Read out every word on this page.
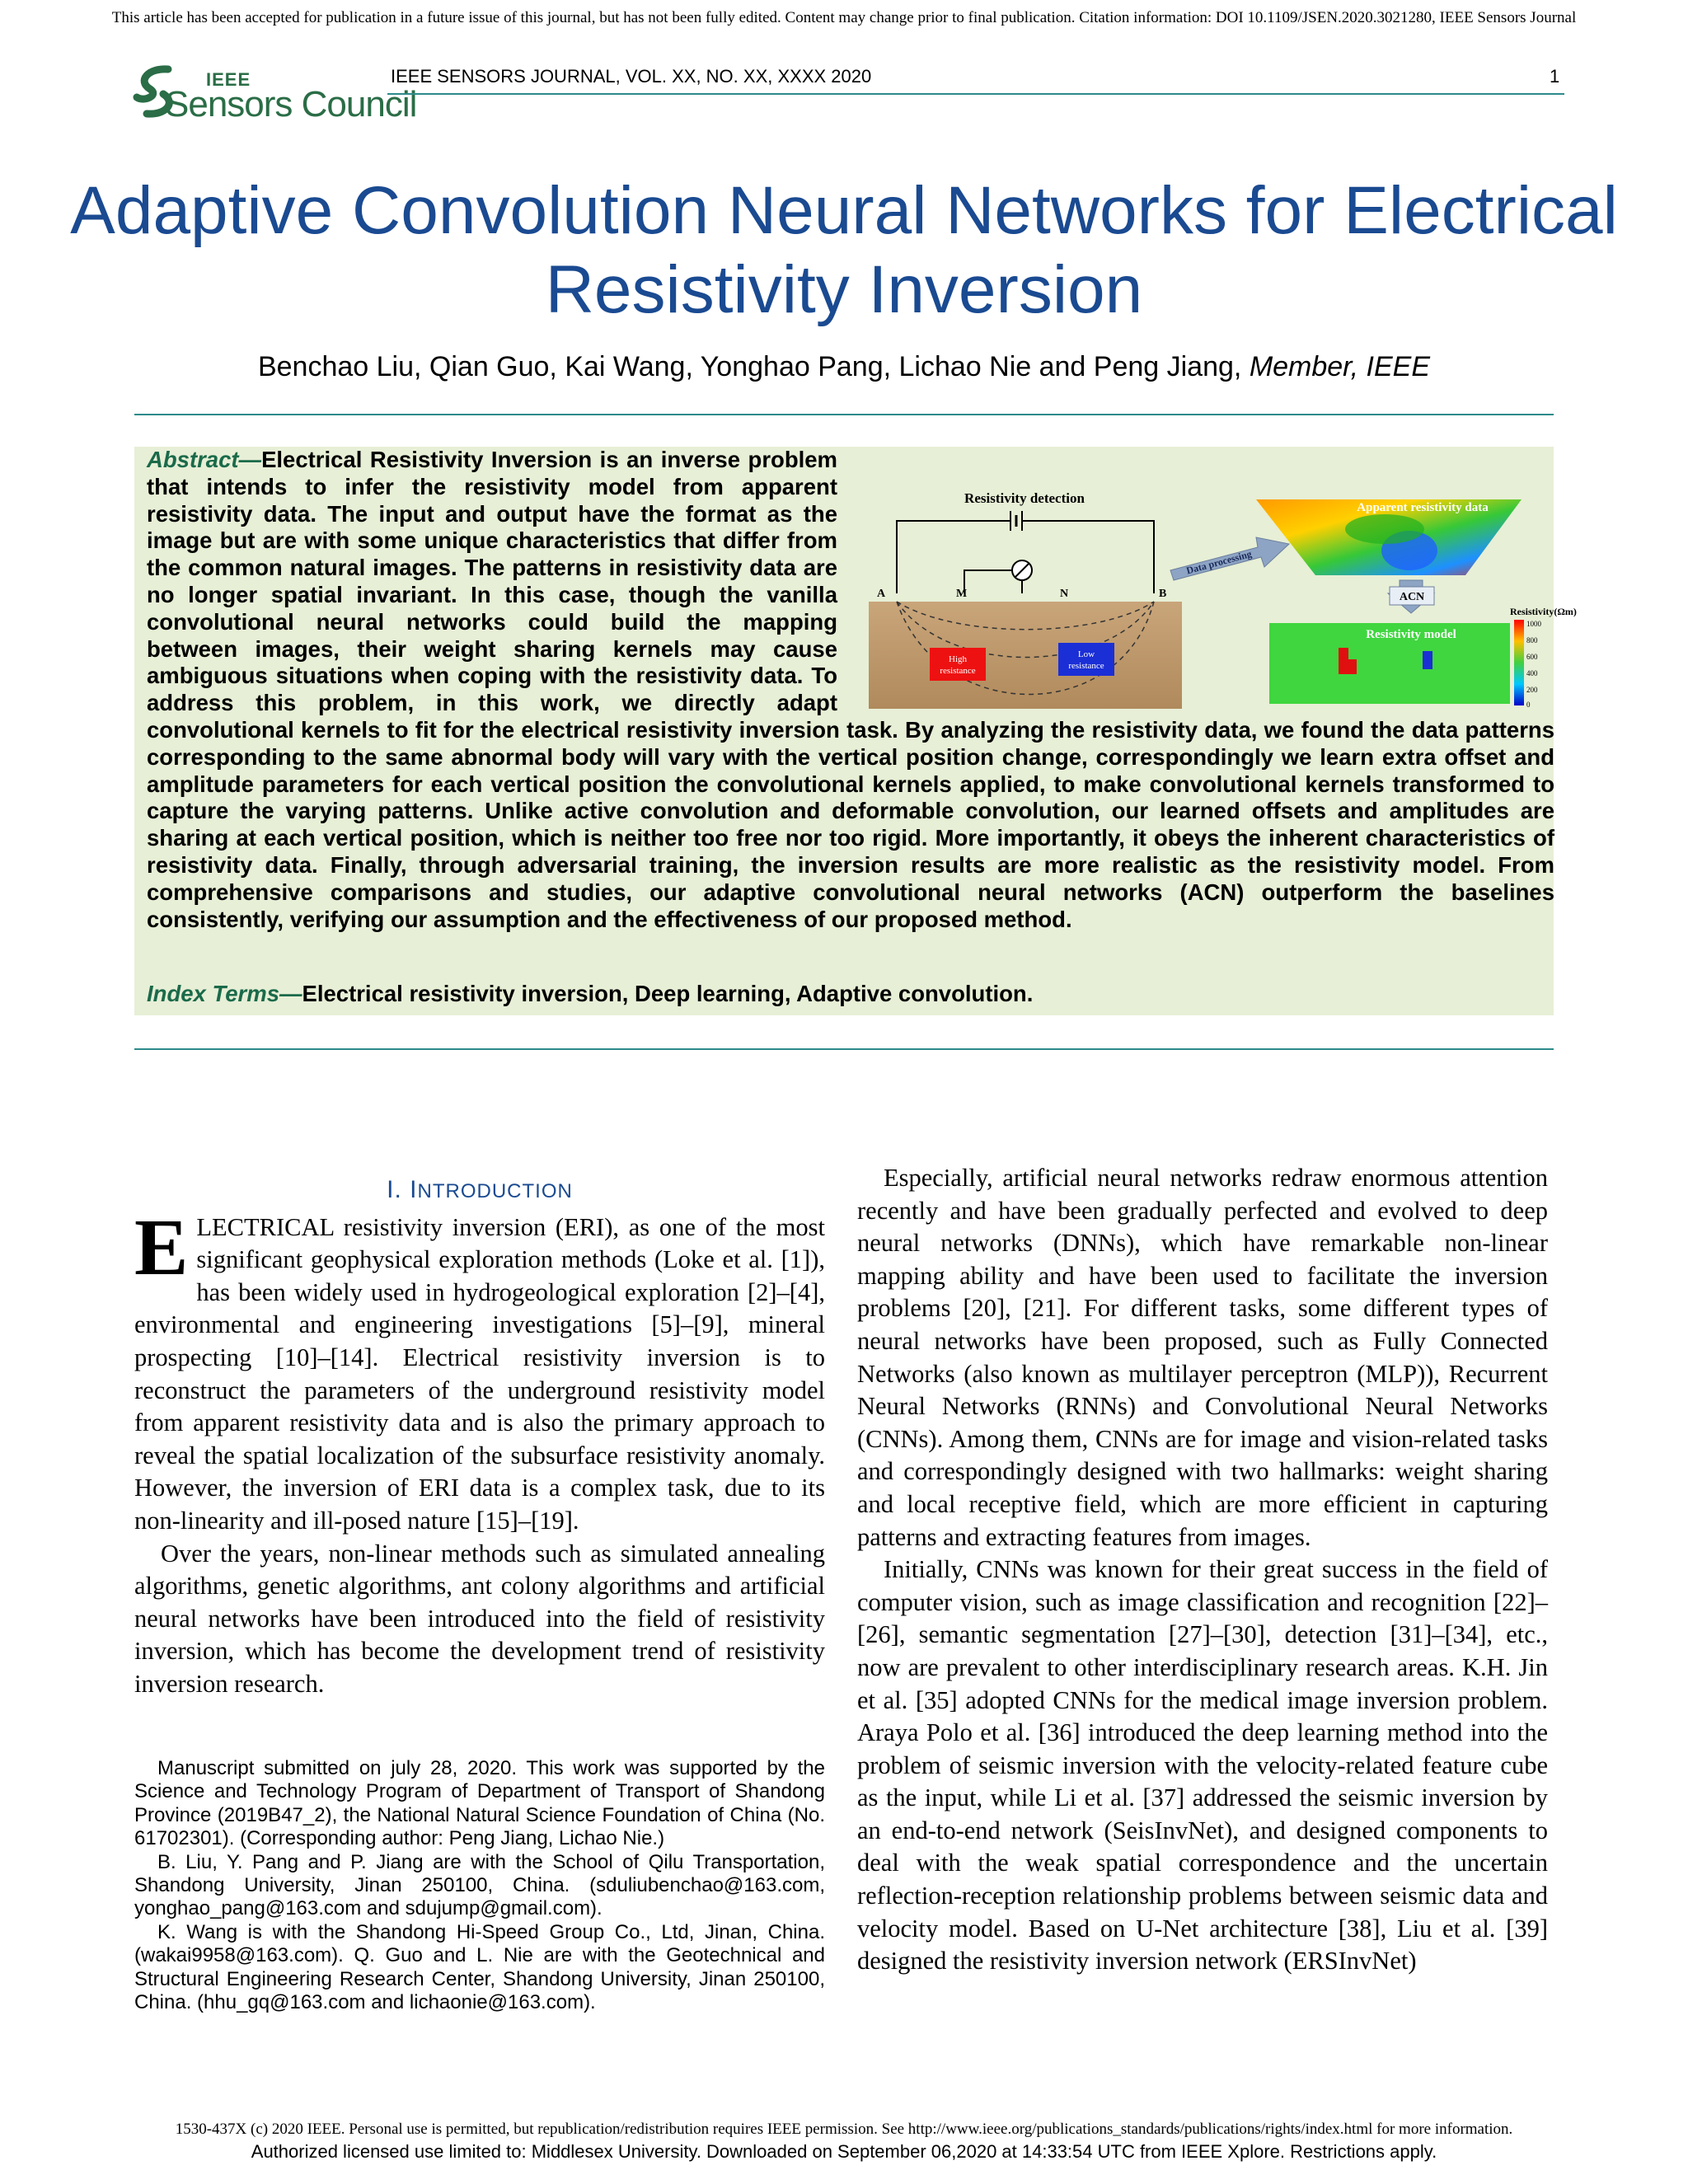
This article has been accepted for publication in a future issue of this journal, but has not been fully edited. Content may change prior to final publication. Citation information: DOI 10.1109/JSEN.2020.3021280, IEEE Sensors Journal
IEEE
Sensors Council
IEEE SENSORS JOURNAL, VOL. XX, NO. XX, XXXX 2020	1
Adaptive Convolution Neural Networks for Electrical Resistivity Inversion
Benchao Liu, Qian Guo, Kai Wang, Yonghao Pang, Lichao Nie and Peng Jiang, Member, IEEE
Resistivity detection
A	M	N	B
High
resistance
Low
resistance
Data processing
Apparent resistivity data
ACN
Resistivity model
Resistivity(Ωm)
1000
800
600
400
200
0
Abstract—Electrical Resistivity Inversion is an inverse problem that intends to infer the resistivity model from apparent resistivity data. The input and output have the format as the image but are with some unique characteristics that differ from the common natural images. The patterns in resistivity data are no longer spatial invariant. In this case, though the vanilla convolutional neural networks could build the mapping between images, their weight sharing kernels may cause ambiguous situations when coping with the resistivity data. To address this problem, in this work, we directly adapt convolutional kernels to fit for the electrical resistivity inversion task. By analyzing the resistivity data, we found the data patterns corresponding to the same abnormal body will vary with the vertical position change, correspondingly we learn extra offset and amplitude parameters for each vertical position the convolutional kernels applied, to make convolutional kernels transformed to capture the varying patterns. Unlike active convolution and deformable convolution, our learned offsets and amplitudes are sharing at each vertical position, which is neither too free nor too rigid. More importantly, it obeys the inherent characteristics of resistivity data. Finally, through adversarial training, the inversion results are more realistic as the resistivity model. From comprehensive comparisons and studies, our adaptive convolutional neural networks (ACN) outperform the baselines consistently, verifying our assumption and the effectiveness of our proposed method.
Index Terms—Electrical resistivity inversion, Deep learning, Adaptive convolution.
I. INTRODUCTION

ELECTRICAL resistivity inversion (ERI), as one of the most significant geophysical exploration methods (Loke et al. [1]), has been widely used in hydrogeological exploration [2]–[4], environmental and engineering investigations [5]–[9], mineral prospecting [10]–[14]. Electrical resistivity inversion is to reconstruct the parameters of the underground resistivity model from apparent resistivity data and is also the primary approach to reveal the spatial localization of the subsurface resistivity anomaly. However, the inversion of ERI data is a complex task, due to its non-linearity and ill-posed nature [15]–[19].

Over the years, non-linear methods such as simulated annealing algorithms, genetic algorithms, ant colony algorithms and artificial neural networks have been introduced into the field of resistivity inversion, which has become the development trend of resistivity inversion research.

Manuscript submitted on july 28, 2020. This work was supported by the Science and Technology Program of Department of Transport of Shandong Province (2019B47_2), the National Natural Science Foundation of China (No. 61702301). (Corresponding author: Peng Jiang, Lichao Nie.)

B. Liu, Y. Pang and P. Jiang are with the School of Qilu Transportation, Shandong University, Jinan 250100, China. (sduliubenchao@163.com, yonghao_pang@163.com and sdujump@gmail.com).

K. Wang is with the Shandong Hi-Speed Group Co., Ltd, Jinan, China. (wakai9958@163.com). Q. Guo and L. Nie are with the Geotechnical and Structural Engineering Research Center, Shandong University, Jinan 250100, China. (hhu_gq@163.com and lichaonie@163.com).

Especially, artificial neural networks redraw enormous attention recently and have been gradually perfected and evolved to deep neural networks (DNNs), which have remarkable non-linear mapping ability and have been used to facilitate the inversion problems [20], [21]. For different tasks, some different types of neural networks have been proposed, such as Fully Connected Networks (also known as multilayer perceptron (MLP)), Recurrent Neural Networks (RNNs) and Convolutional Neural Networks (CNNs). Among them, CNNs are for image and vision-related tasks and correspondingly designed with two hallmarks: weight sharing and local receptive field, which are more efficient in capturing patterns and extracting features from images.

Initially, CNNs was known for their great success in the field of computer vision, such as image classification and recognition [22]–[26], semantic segmentation [27]–[30], detection [31]–[34], etc., now are prevalent to other interdisciplinary research areas. K.H. Jin et al. [35] adopted CNNs for the medical image inversion problem. Araya Polo et al. [36] introduced the deep learning method into the problem of seismic inversion with the velocity-related feature cube as the input, while Li et al. [37] addressed the seismic inversion by an end-to-end network (SeisInvNet), and designed components to deal with the weak spatial correspondence and the uncertain reflection-reception relationship problems between seismic data and velocity model. Based on U-Net architecture [38], Liu et al. [39] designed the resistivity inversion network (ERSInvNet)

1530-437X (c) 2020 IEEE. Personal use is permitted, but republication/redistribution requires IEEE permission. See http://www.ieee.org/publications_standards/publications/rights/index.html for more information.
Authorized licensed use limited to: Middlesex University. Downloaded on September 06,2020 at 14:33:54 UTC from IEEE Xplore. Restrictions apply.
